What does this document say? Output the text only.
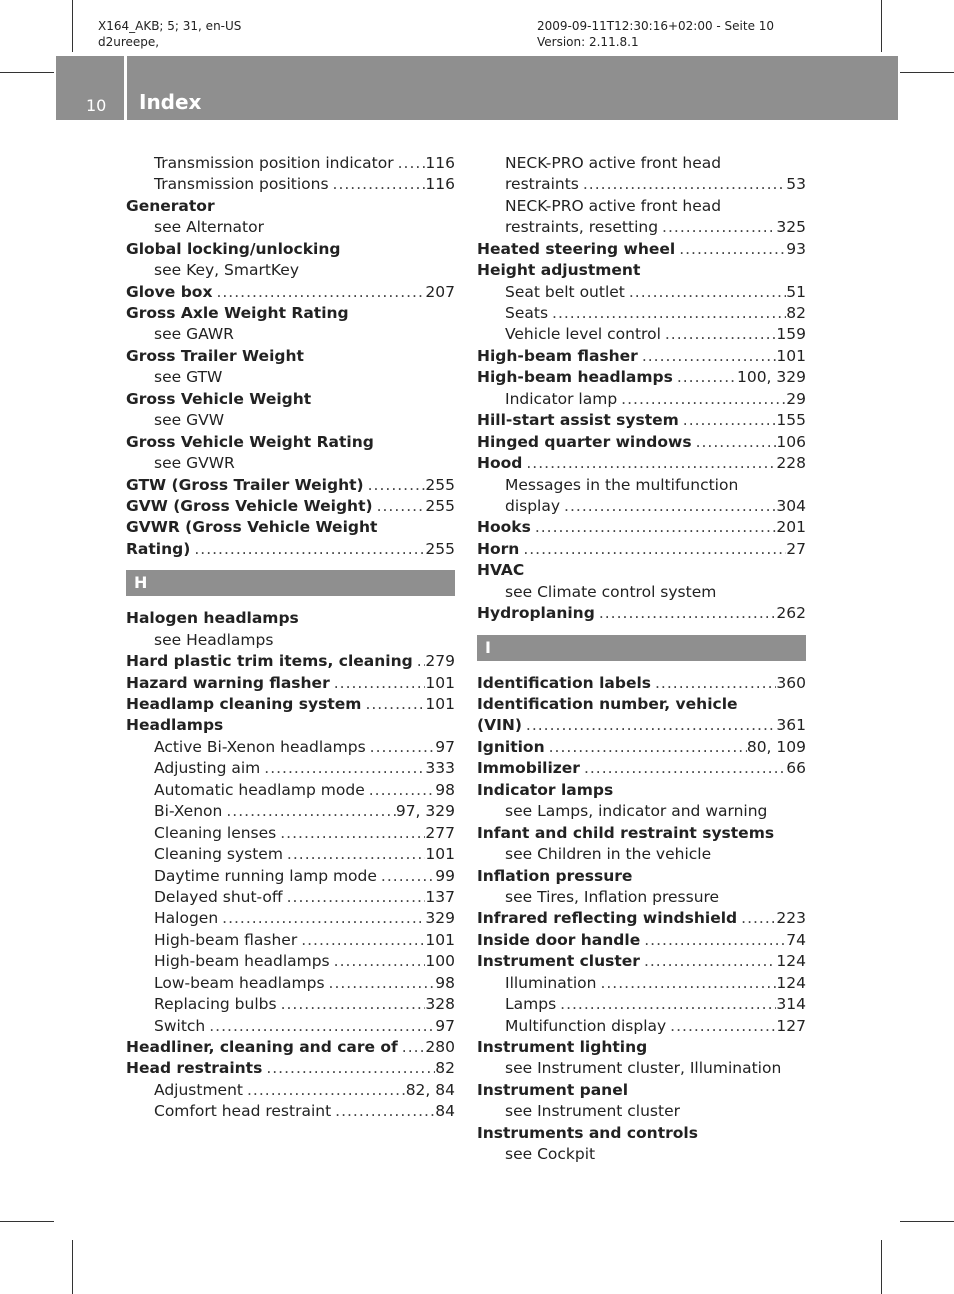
X164_AKB; 5; 31, en-US
d2ureepe,
2009-09-11T12:30:16+02:00 - Seite 10
Version: 2.11.8.1
10 Index
Transmission position indicator ..... 116
Transmission positions .....	116
Generator
see Alternator
Global locking/unlocking
see Key, SmartKey
Glove box .....	207
Gross Axle Weight Rating
see GAWR
Gross Trailer Weight
see GTW
Gross Vehicle Weight
see GVW
Gross Vehicle Weight Rating
see GVWR
GTW (Gross Trailer Weight) .....	255
GVW (Gross Vehicle Weight) .....	255
GVWR (Gross Vehicle Weight
Rating) .....	255
H
Halogen headlamps
see Headlamps
Hard plastic trim items, cleaning ..... 279
Hazard warning flasher .....	101
Headlamp cleaning system .....	101
Headlamps
Active Bi-Xenon headlamps .....	97
Adjusting aim .....	333
Automatic headlamp mode .....	98
Bi-Xenon .....	97, 329
Cleaning lenses .....	277
Cleaning system .....	101
Daytime running lamp mode .....	99
Delayed shut-off .....	137
Halogen .....	329
High-beam flasher .....	101
High-beam headlamps .....	100
Low-beam headlamps .....	98
Replacing bulbs .....	328
Switch .....	97
Headliner, cleaning and care of ..... 280
Head restraints .....	82
Adjustment .....	82, 84
Comfort head restraint .....	84
NECK-PRO active front head
restraints .....	53
NECK-PRO active front head
restraints, resetting .....	325
Heated steering wheel .....	93
Height adjustment
Seat belt outlet .....	51
Seats .....	82
Vehicle level control .....	159
High-beam flasher .....	101
High-beam headlamps .....	100, 329
Indicator lamp .....	29
Hill-start assist system .....	155
Hinged quarter windows .....	106
Hood .....	228
Messages in the multifunction
display .....	304
Hooks .....	201
Horn .....	27
HVAC
see Climate control system
Hydroplaning .....	262
I
Identification labels .....	360
Identification number, vehicle
(VIN) .....	361
Ignition .....	80, 109
Immobilizer .....	66
Indicator lamps
see Lamps, indicator and warning
Infant and child restraint systems
see Children in the vehicle
Inflation pressure
see Tires, Inflation pressure
Infrared reflecting windshield .....	223
Inside door handle .....	74
Instrument cluster .....	124
Illumination .....	124
Lamps .....	314
Multifunction display .....	127
Instrument lighting
see Instrument cluster, Illumination
Instrument panel
see Instrument cluster
Instruments and controls
see Cockpit
